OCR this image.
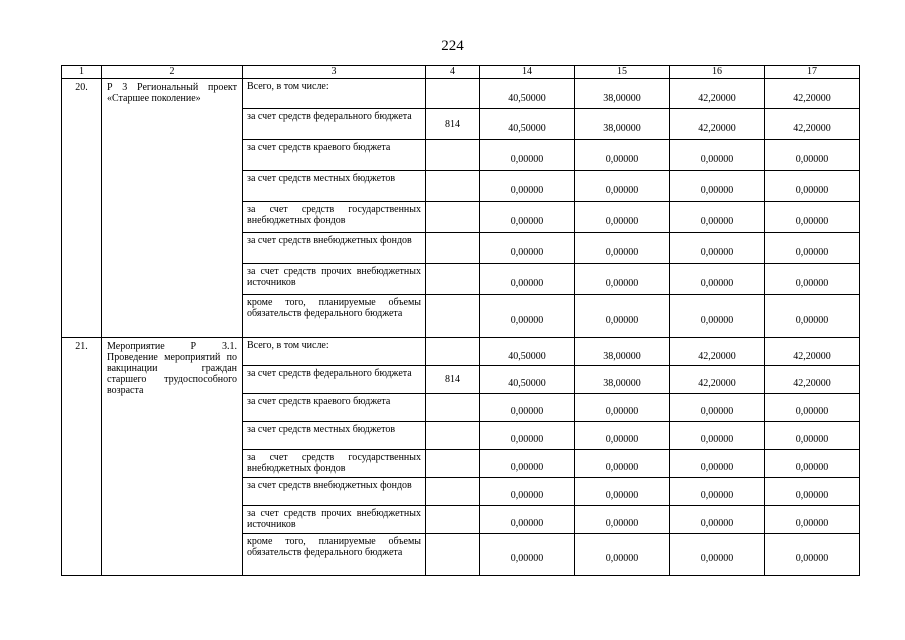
224
1	2	3	4	14	15	16	17
20.	Р 3 Региональный проект «Старшее поколение»	Всего, в том числе:		40,50000	38,00000	42,20000	42,20000
		за счет средств федерального бюджета	814	40,50000	38,00000	42,20000	42,20000
		за счет средств краевого бюджета		0,00000	0,00000	0,00000	0,00000
		за счет средств местных бюджетов		0,00000	0,00000	0,00000	0,00000
		за счет средств государственных внебюджетных фондов		0,00000	0,00000	0,00000	0,00000
		за счет средств внебюджетных фондов		0,00000	0,00000	0,00000	0,00000
		за счет средств прочих внебюджетных источников		0,00000	0,00000	0,00000	0,00000
		кроме того, планируемые объемы обязательств федерального бюджета		0,00000	0,00000	0,00000	0,00000
21.	Мероприятие Р 3.1. Проведение мероприятий по вакцинации граждан старшего трудоспособного возраста	Всего, в том числе:		40,50000	38,00000	42,20000	42,20000
		за счет средств федерального бюджета	814	40,50000	38,00000	42,20000	42,20000
		за счет средств краевого бюджета		0,00000	0,00000	0,00000	0,00000
		за счет средств местных бюджетов		0,00000	0,00000	0,00000	0,00000
		за счет средств государственных внебюджетных фондов		0,00000	0,00000	0,00000	0,00000
		за счет средств внебюджетных фондов		0,00000	0,00000	0,00000	0,00000
		за счет средств прочих внебюджетных источников		0,00000	0,00000	0,00000	0,00000
		кроме того, планируемые объемы обязательств федерального бюджета		0,00000	0,00000	0,00000	0,00000
